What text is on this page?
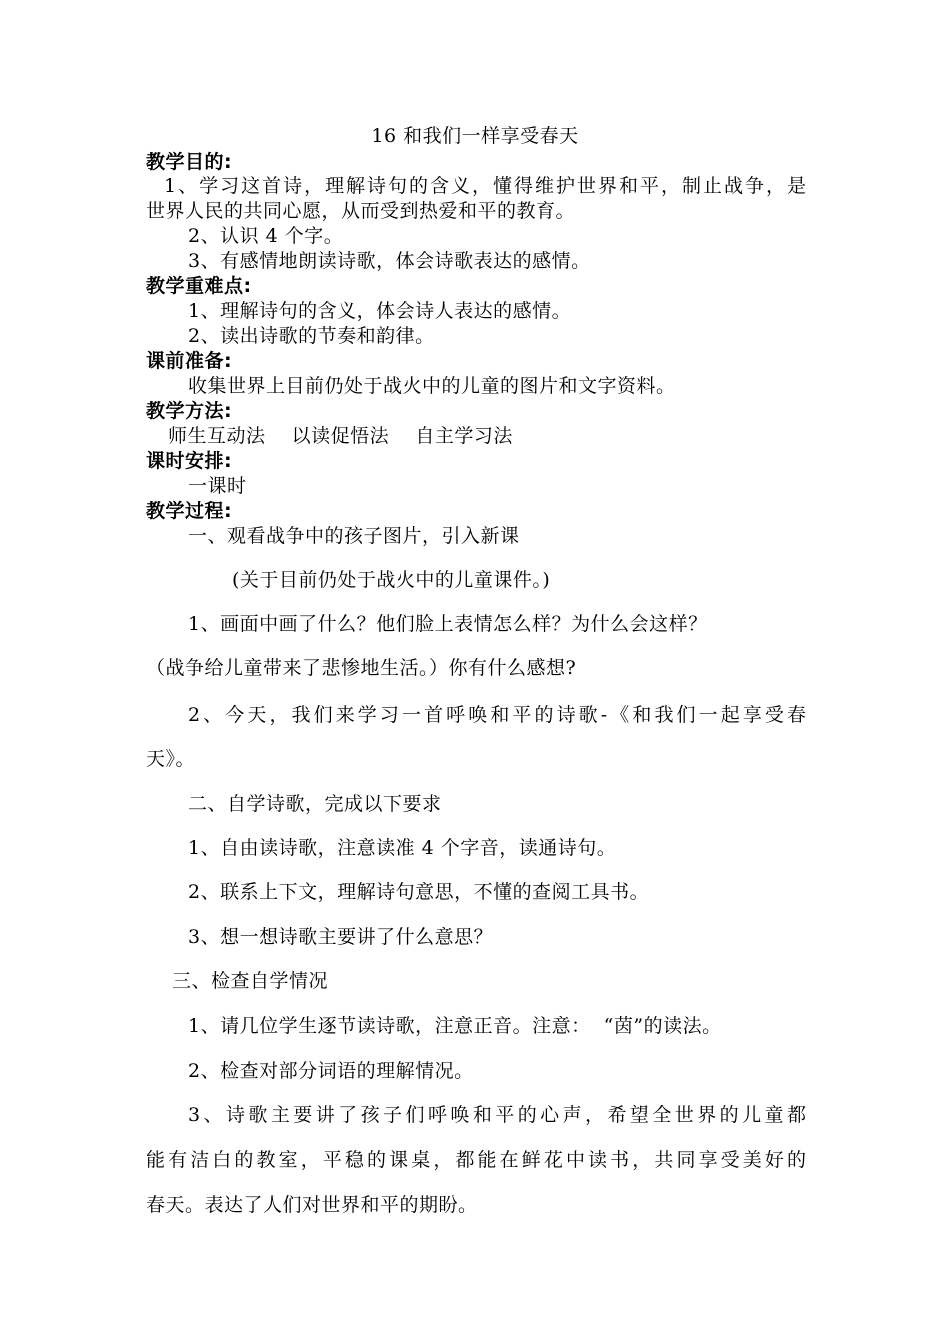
16 和我们一样享受春天
教学目的:
1、学习这首诗，理解诗句的含义，懂得维护世界和平，制止战争，是
世界人民的共同心愿，从而受到热爱和平的教育。
2、认识 4 个字。
3、有感情地朗读诗歌，体会诗歌表达的感情。
教学重难点:
1、理解诗句的含义，体会诗人表达的感情。
2、读出诗歌的节奏和韵律。
课前准备:
收集世界上目前仍处于战火中的儿童的图片和文字资料。
教学方法:
师生互动法    以读促悟法    自主学习法
课时安排:
一课时
教学过程:
一、观看战争中的孩子图片，引入新课
(关于目前仍处于战火中的儿童课件。)
1、画面中画了什么？他们脸上表情怎么样？为什么会这样？
（战争给儿童带来了悲惨地生活。）你有什么感想?
2、今天，我们来学习一首呼唤和平的诗歌-《和我们一起享受春
天》。
二、自学诗歌，完成以下要求
1、自由读诗歌，注意读准 4 个字音，读通诗句。
2、联系上下文，理解诗句意思，不懂的查阅工具书。
3、想一想诗歌主要讲了什么意思？
三、检查自学情况
1、请几位学生逐节读诗歌，注意正音。注意：  “茵”的读法。
2、检查对部分词语的理解情况。
3、诗歌主要讲了孩子们呼唤和平的心声，希望全世界的儿童都
能有洁白的教室，平稳的课桌，都能在鲜花中读书，共同享受美好的
春天。表达了人们对世界和平的期盼。
